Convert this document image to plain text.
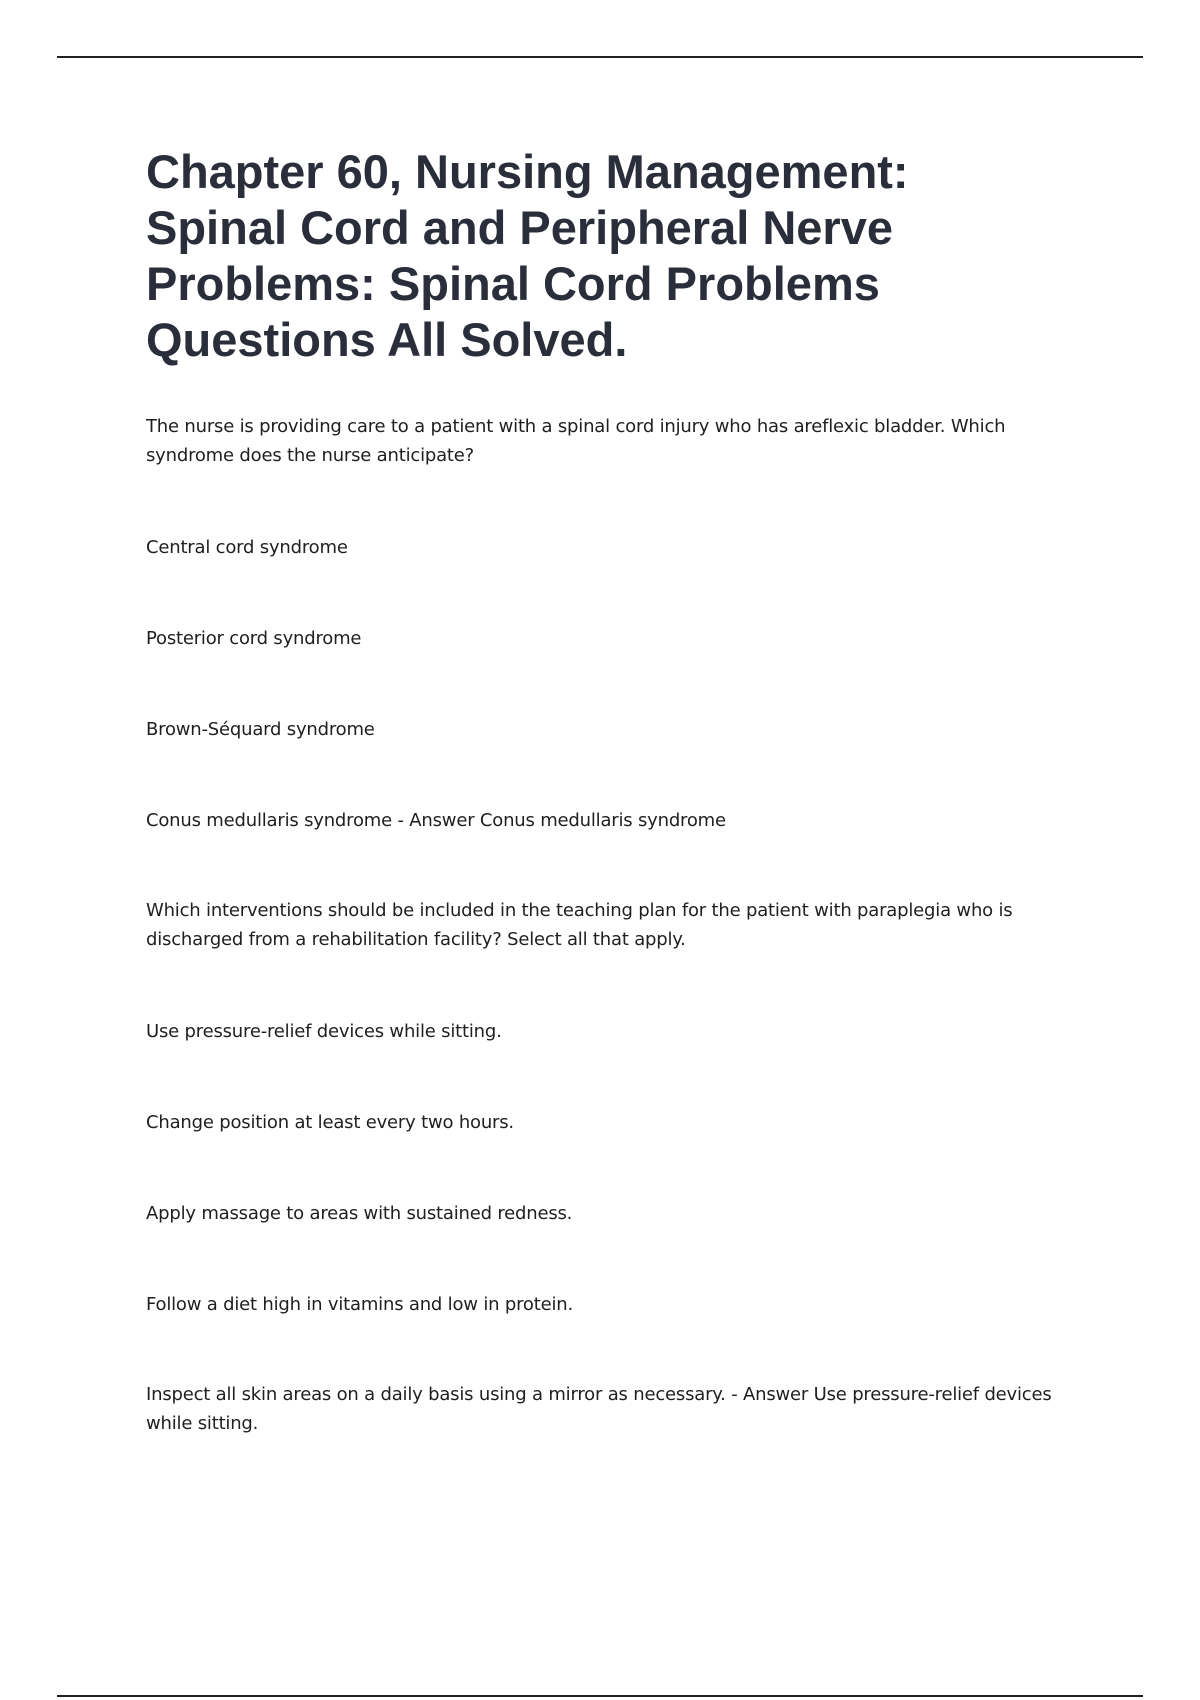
Chapter 60, Nursing Management:
Spinal Cord and Peripheral Nerve
Problems: Spinal Cord Problems
Questions All Solved.

The nurse is providing care to a patient with a spinal cord injury who has areflexic bladder. Which syndrome does the nurse anticipate?

Central cord syndrome

Posterior cord syndrome

Brown-Séquard syndrome

Conus medullaris syndrome - Answer Conus medullaris syndrome

Which interventions should be included in the teaching plan for the patient with paraplegia who is discharged from a rehabilitation facility? Select all that apply.

Use pressure-relief devices while sitting.

Change position at least every two hours.

Apply massage to areas with sustained redness.

Follow a diet high in vitamins and low in protein.

Inspect all skin areas on a daily basis using a mirror as necessary. - Answer Use pressure-relief devices while sitting.
